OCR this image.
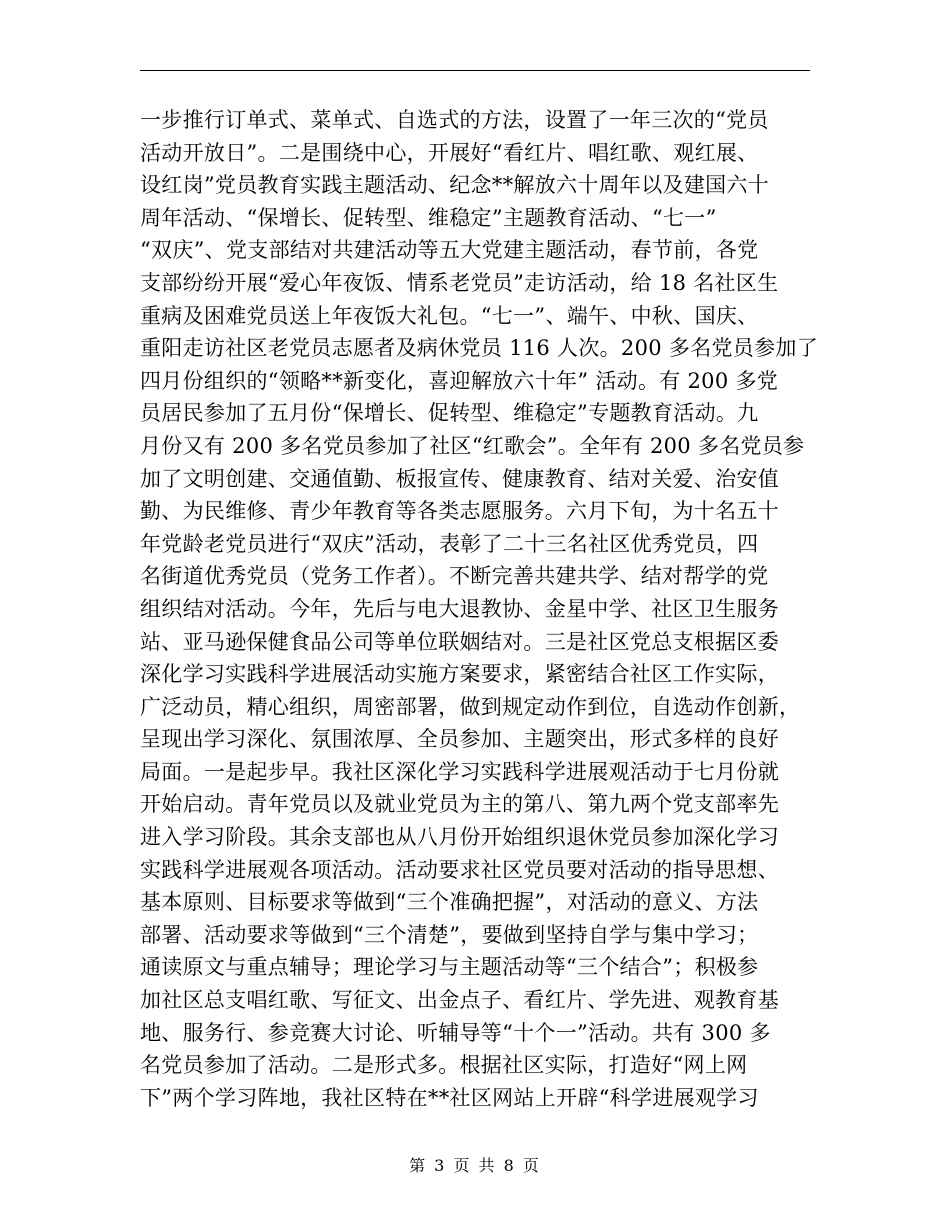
一步推行订单式、菜单式、自选式的方法，设置了一年三次的“党员
活动开放日”。二是围绕中心，开展好“看红片、唱红歌、观红展、
设红岗”党员教育实践主题活动、纪念**解放六十周年以及建国六十
周年活动、“保增长、促转型、维稳定”主题教育活动、“七一”
“双庆”、党支部结对共建活动等五大党建主题活动，春节前，各党
支部纷纷开展“爱心年夜饭、情系老党员”走访活动，给 18 名社区生
重病及困难党员送上年夜饭大礼包。“七一”、端午、中秋、国庆、
重阳走访社区老党员志愿者及病休党员 116 人次。200 多名党员参加了
四月份组织的“领略**新变化，喜迎解放六十年” 活动。有 200 多党
员居民参加了五月份“保增长、促转型、维稳定”专题教育活动。九
月份又有 200 多名党员参加了社区“红歌会”。全年有 200 多名党员参
加了文明创建、交通值勤、板报宣传、健康教育、结对关爱、治安值
勤、为民维修、青少年教育等各类志愿服务。六月下旬，为十名五十
年党龄老党员进行“双庆”活动，表彰了二十三名社区优秀党员，四
名街道优秀党员（党务工作者）。不断完善共建共学、结对帮学的党
组织结对活动。今年，先后与电大退教协、金星中学、社区卫生服务
站、亚马逊保健食品公司等单位联姻结对。三是社区党总支根据区委
深化学习实践科学进展活动实施方案要求，紧密结合社区工作实际，
广泛动员，精心组织，周密部署，做到规定动作到位，自选动作创新，
呈现出学习深化、氛围浓厚、全员参加、主题突出，形式多样的良好
局面。一是起步早。我社区深化学习实践科学进展观活动于七月份就
开始启动。青年党员以及就业党员为主的第八、第九两个党支部率先
进入学习阶段。其余支部也从八月份开始组织退休党员参加深化学习
实践科学进展观各项活动。活动要求社区党员要对活动的指导思想、
基本原则、目标要求等做到“三个准确把握”，对活动的意义、方法
部署、活动要求等做到“三个清楚”，要做到坚持自学与集中学习；
通读原文与重点辅导；理论学习与主题活动等“三个结合”；积极参
加社区总支唱红歌、写征文、出金点子、看红片、学先进、观教育基
地、服务行、参竞赛大讨论、听辅导等“十个一”活动。共有 300 多
名党员参加了活动。二是形式多。根据社区实际，打造好“网上网
下”两个学习阵地，我社区特在**社区网站上开辟“科学进展观学习
第 3 页 共 8 页
